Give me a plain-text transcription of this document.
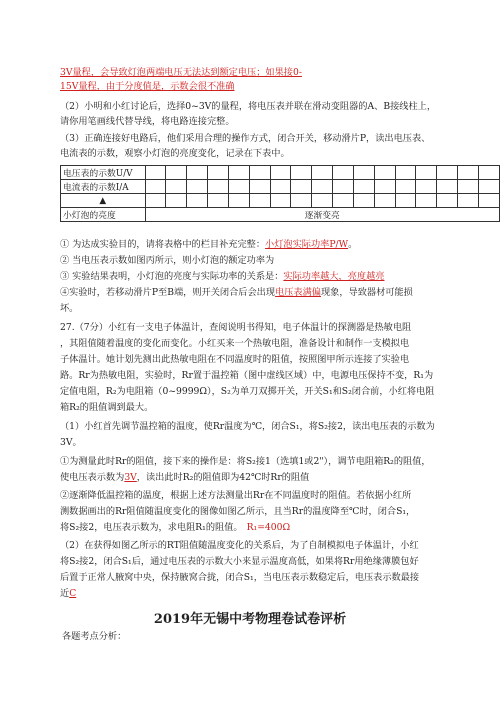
3V量程，会导致灯泡两端电压无法达到额定电压；如果接0-
15V量程，由于分度值是，示数会很不准确
（2）小明和小红讨论后，选择0~3V的量程，将电压表并联在滑动变阻器的A、B接线柱上，
请你用笔画线代替导线，将电路连接完整。
（3）正确连接好电路后，他们采用合理的操作方式，闭合开关，移动滑片P，读出电压表、
电流表的示数，观察小灯泡的亮度变化，记录在下表中。
电压表的示数U/V																	
电流表的示数I/A																	
▲																	
小灯泡的亮度	逐渐变亮																
① 为达成实验目的，请将表格中的栏目补充完整：小灯泡实际功率P/W。
② 当电压表示数如图丙所示，则小灯泡的额定功率为
③ 实验结果表明，小灯泡的亮度与实际功率的关系是：实际功率越大，亮度越亮
④实验时，若移动滑片P至B端，则开关闭合后会出现电压表满偏现象，导致器材可能损
坏。
27.（7分）小红有一支电子体温计，查阅说明书得知，电子体温计的探测器是热敏电阻
，其阻值随着温度的变化而变化。小红买来一个热敏电阻，准备设计和制作一支模拟电
子体温计。她计划先测出此热敏电阻在不同温度时的阻值，按照图甲所示连接了实验电
路。Rr为热敏电阻，实验时，Rr置于温控箱（图中虚线区域）中，电源电压保持不变，R₁为
定值电阻，R₂为电阻箱（0~9999Ω），S₂为单刀双掷开关，开关S₁和S₂闭合前，小红将电阻
箱R₂的阻值调到最大。
（1）小红首先调节温控箱的温度，使Rr温度为℃，闭合S₁，将S₂接2，读出电压表的示数为
3V。
①为测量此时Rr的阻值，接下来的操作是：将S₂接1（选填1或2"），调节电阻箱R₂的阻值，
使电压表示数为3V，读出此时R₂的阻值即为42℃时Rr的阻值
②逐渐降低温控箱的温度，根据上述方法测量出Rr在不同温度时的阻值。若依据小红所
测数据画出的Rr阻值随温度变化的图像如图乙所示，且当Rr的温度降至℃时，闭合S₁，
将S₂接2，电压表示数为，求电阻R₁的阻值。 R₁=400Ω
（2）在获得如图乙所示的RT阻值随温度变化的关系后，为了自制模拟电子体温计，小红
将S₂接2，闭合S₁后，通过电压表的示数大小来显示温度高低，如果将Rr用绝缘薄膜包好
后置于正常人腋窝中央，保持腋窝合拢，闭合S₁，当电压表示数稳定后，电压表示数最接
近C
2019年无锡中考物理卷试卷评析
各题考点分析：
